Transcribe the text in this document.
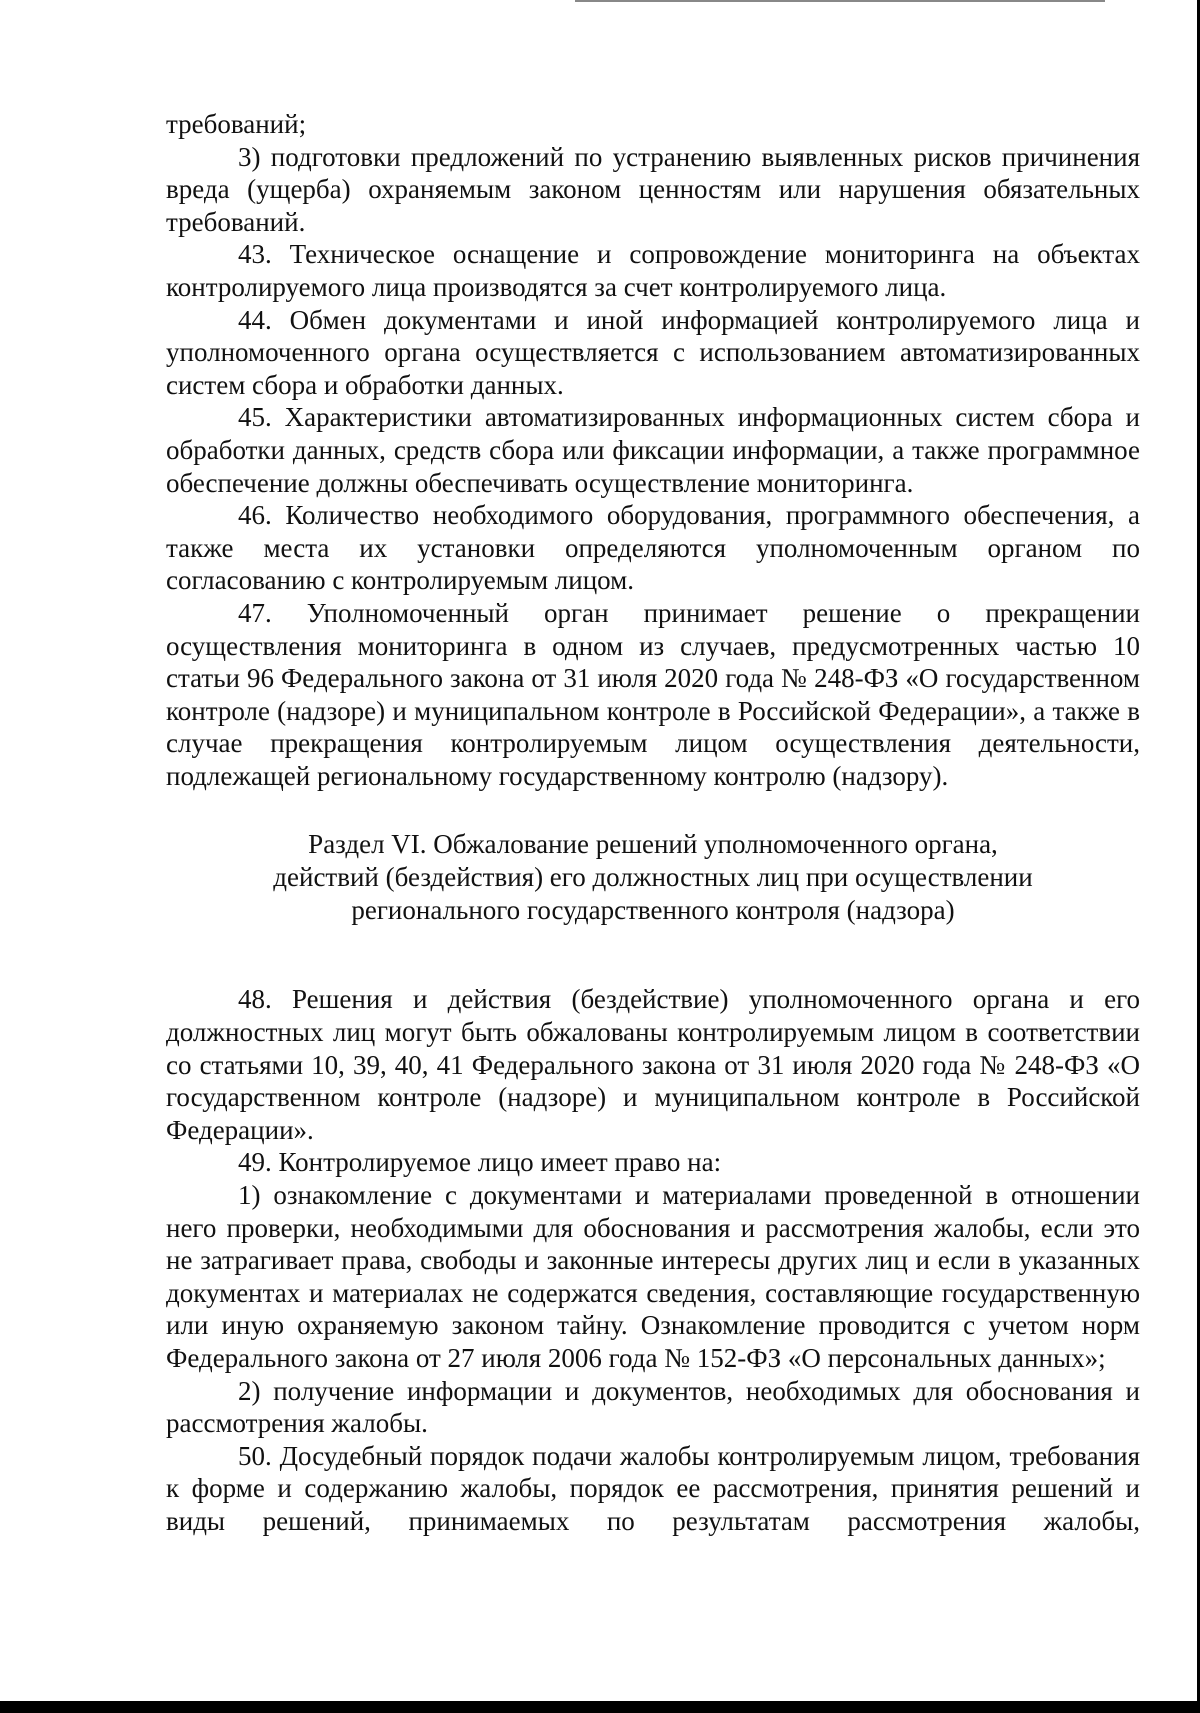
требований;

3) подготовки предложений по устранению выявленных рисков причинения вреда (ущерба) охраняемым законом ценностям или нарушения обязательных требований.

43. Техническое оснащение и сопровождение мониторинга на объектах контролируемого лица производятся за счет контролируемого лица.

44. Обмен документами и иной информацией контролируемого лица и уполномоченного органа осуществляется с использованием автоматизированных систем сбора и обработки данных.

45. Характеристики автоматизированных информационных систем сбора и обработки данных, средств сбора или фиксации информации, а также программное обеспечение должны обеспечивать осуществление мониторинга.

46. Количество необходимого оборудования, программного обеспечения, а также места их установки определяются уполномоченным органом по согласованию с контролируемым лицом.

47. Уполномоченный орган принимает решение о прекращении осуществления мониторинга в одном из случаев, предусмотренных частью 10 статьи 96 Федерального закона от 31 июля 2020 года № 248-ФЗ «О государственном контроле (надзоре) и муниципальном контроле в Российской Федерации», а также в случае прекращения контролируемым лицом осуществления деятельности, подлежащей региональному государственному контролю (надзору).

Раздел VI. Обжалование решений уполномоченного органа,
действий (бездействия) его должностных лиц при осуществлении
регионального государственного контроля (надзора)

48. Решения и действия (бездействие) уполномоченного органа и его должностных лиц могут быть обжалованы контролируемым лицом в соответствии со статьями 10, 39, 40, 41 Федерального закона от 31 июля 2020 года № 248-ФЗ «О государственном контроле (надзоре) и муниципальном контроле в Российской Федерации».

49. Контролируемое лицо имеет право на:

1) ознакомление с документами и материалами проведенной в отношении него проверки, необходимыми для обоснования и рассмотрения жалобы, если это не затрагивает права, свободы и законные интересы других лиц и если в указанных документах и материалах не содержатся сведения, составляющие государственную или иную охраняемую законом тайну. Ознакомление проводится с учетом норм Федерального закона от 27 июля 2006 года № 152-ФЗ «О персональных данных»;

2) получение информации и документов, необходимых для обоснования и рассмотрения жалобы.

50. Досудебный порядок подачи жалобы контролируемым лицом, требования к форме и содержанию жалобы, порядок ее рассмотрения, принятия решений и виды решений, принимаемых по результатам рассмотрения жалобы,
